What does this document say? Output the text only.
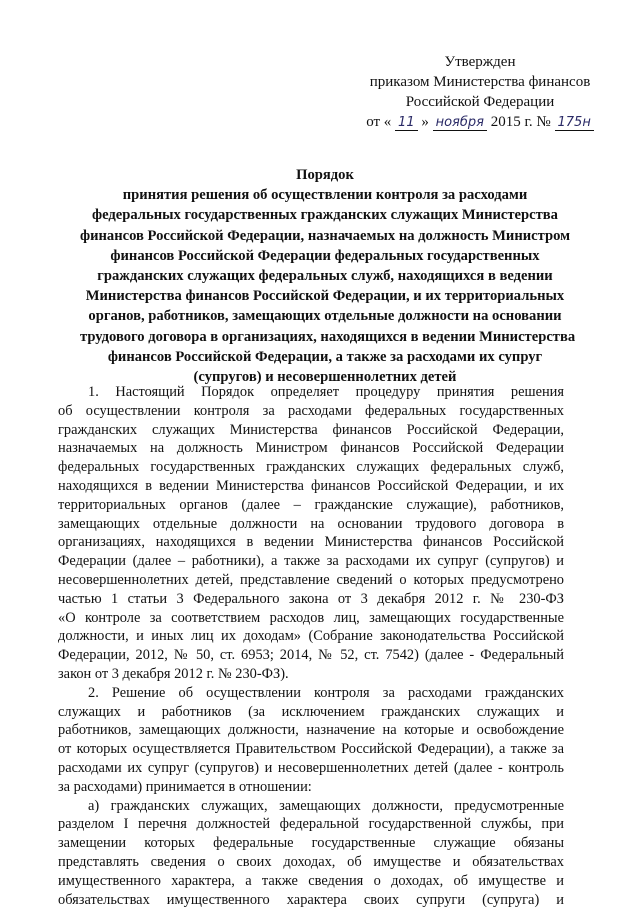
Утвержден
приказом Министерства финансов
Российской Федерации
от « 11 » ноября 2015 г. № 175н
Порядок
принятия решения об осуществлении контроля за расходами
федеральных государственных гражданских служащих Министерства
финансов Российской Федерации, назначаемых на должность Министром
финансов Российской Федерации федеральных государственных
гражданских служащих федеральных служб, находящихся в ведении
Министерства финансов Российской Федерации, и их территориальных
органов, работников, замещающих отдельные должности на основании
трудового договора в организациях, находящихся в ведении Министерства
финансов Российской Федерации, а также за расходами их супруг
(супругов) и несовершеннолетних детей
1. Настоящий Порядок определяет процедуру принятия решения
об осуществлении контроля за расходами федеральных государственных
гражданских служащих Министерства финансов Российской Федерации,
назначаемых на должность Министром финансов Российской Федерации
федеральных государственных гражданских служащих федеральных служб,
находящихся в ведении Министерства финансов Российской Федерации, и их
территориальных органов (далее – гражданские служащие), работников,
замещающих отдельные должности на основании трудового договора в
организациях, находящихся в ведении Министерства финансов Российской
Федерации (далее – работники), а также за расходами их супруг (супругов) и
несовершеннолетних детей, представление сведений о которых предусмотрено
частью 1 статьи 3 Федерального закона от 3 декабря 2012 г. № 230-ФЗ
«О контроле за соответствием расходов лиц, замещающих государственные
должности, и иных лиц их доходам» (Собрание законодательства Российской
Федерации, 2012, № 50, ст. 6953; 2014, № 52, ст. 7542) (далее - Федеральный
закон от 3 декабря 2012 г. № 230-ФЗ).
2. Решение об осуществлении контроля за расходами гражданских
служащих и работников (за исключением гражданских служащих и
работников, замещающих должности, назначение на которые и освобождение
от которых осуществляется Правительством Российской Федерации), а также за
расходами их супруг (супругов) и несовершеннолетних детей (далее - контроль
за расходами) принимается в отношении:
а) гражданских служащих, замещающих должности, предусмотренные
разделом I перечня должностей федеральной государственной службы, при
замещении которых федеральные государственные служащие обязаны
представлять сведения о своих доходах, об имуществе и обязательствах
имущественного характера, а также сведения о доходах, об имуществе и
обязательствах имущественного характера своих супруги (супруга) и
